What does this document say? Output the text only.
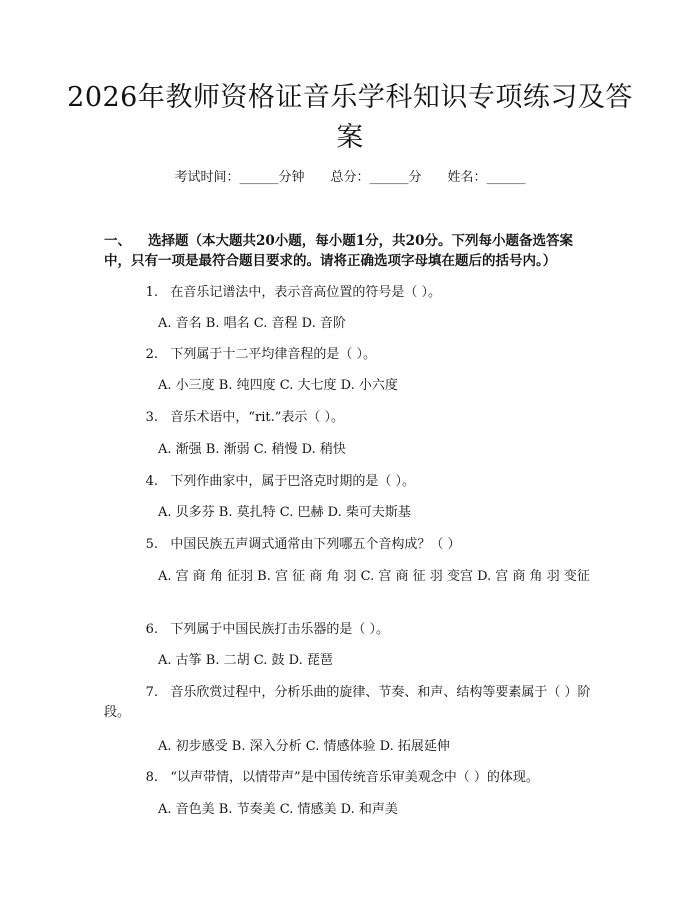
2026年教师资格证音乐学科知识专项练习及答案
考试时间：______分钟 总分：______分 姓名：______
一、 选择题（本大题共20小题，每小题1分，共20分。下列每小题备选答案中，只有一项是最符合题目要求的。请将正确选项字母填在题后的括号内。）
1. 在音乐记谱法中，表示音高位置的符号是（ ）。
A. 音名 B. 唱名 C. 音程 D. 音阶
2. 下列属于十二平均律音程的是（ ）。
A. 小三度 B. 纯四度 C. 大七度 D. 小六度
3. 音乐术语中，“rit.”表示（ ）。
A. 渐强 B. 渐弱 C. 稍慢 D. 稍快
4. 下列作曲家中，属于巴洛克时期的是（ ）。
A. 贝多芬 B. 莫扎特 C. 巴赫 D. 柴可夫斯基
5. 中国民族五声调式通常由下列哪五个音构成？（ ）
A. 宫 商 角 征羽 B. 宫 征 商 角 羽 C. 宫 商 征 羽 变宫 D. 宫 商 角 羽 变征
6. 下列属于中国民族打击乐器的是（ ）。
A. 古筝 B. 二胡 C. 鼓 D. 琵琶
7. 音乐欣赏过程中，分析乐曲的旋律、节奏、和声、结构等要素属于（ ）阶段。
A. 初步感受 B. 深入分析 C. 情感体验 D. 拓展延伸
8. “以声带情，以情带声”是中国传统音乐审美观念中（ ）的体现。
A. 音色美 B. 节奏美 C. 情感美 D. 和声美
